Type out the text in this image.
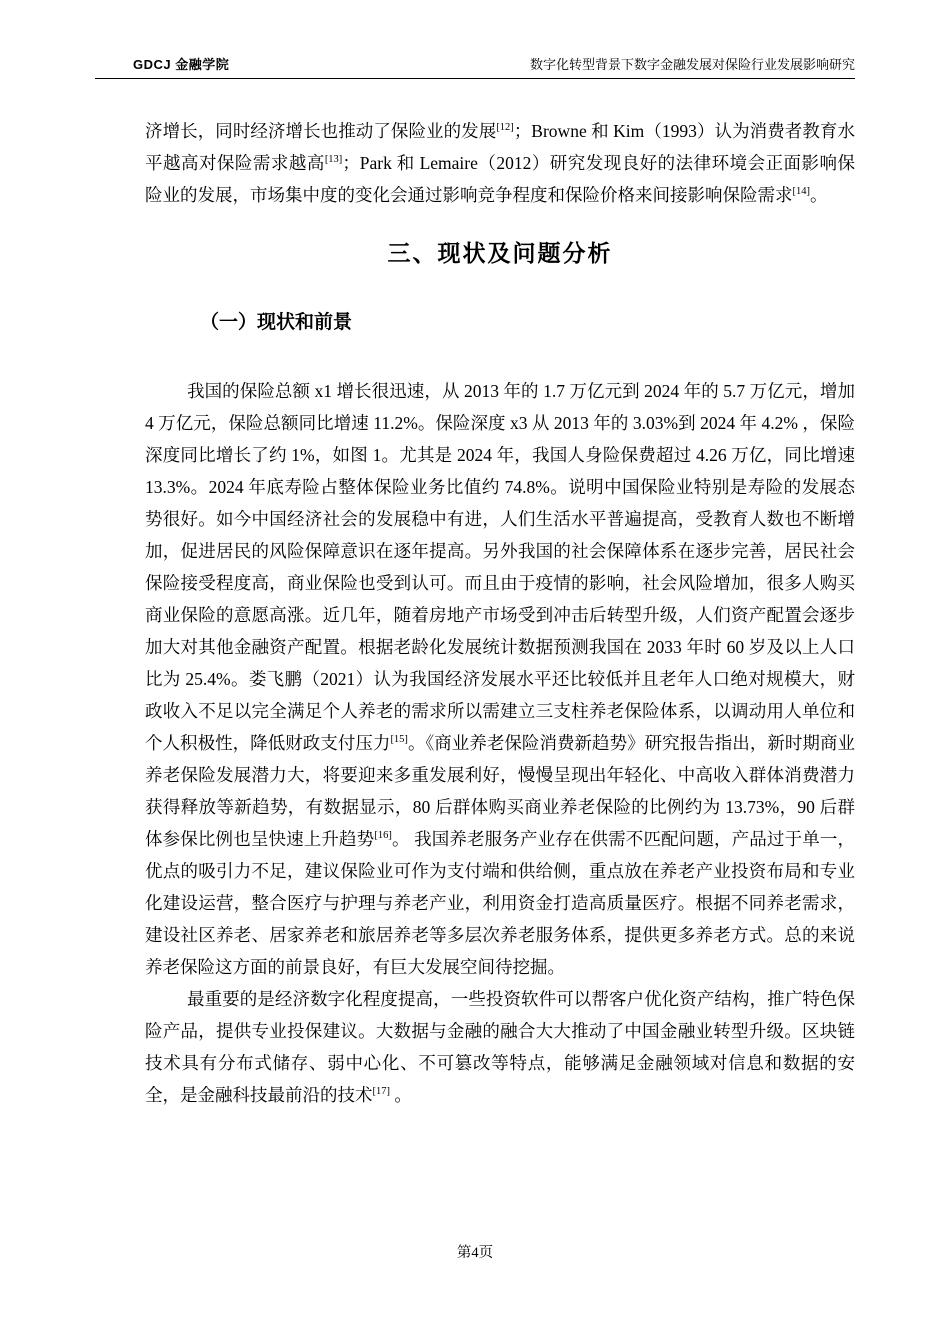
GDCJ 金融学院	数字化转型背景下数字金融发展对保险行业发展影响研究

济增长，同时经济增长也推动了保险业的发展[12]；Browne 和 Kim（1993）认为消费者教育水平越高对保险需求越高[13]；Park 和 Lemaire（2012）研究发现良好的法律环境会正面影响保险业的发展，市场集中度的变化会通过影响竞争程度和保险价格来间接影响保险需求[14]。

三、现状及问题分析
（一）现状和前景

我国的保险总额 x1 增长很迅速，从 2013 年的 1.7 万亿元到 2024 年的 5.7 万亿元，增加 4 万亿元，保险总额同比增速 11.2%。保险深度 x3 从 2013 年的 3.03%到 2024 年 4.2% ，保险深度同比增长了约 1%，如图 1。尤其是 2024 年，我国人身险保费超过 4.26 万亿，同比增速 13.3%。2024 年底寿险占整体保险业务比值约 74.8%。说明中国保险业特别是寿险的发展态势很好。如今中国经济社会的发展稳中有进，人们生活水平普遍提高，受教育人数也不断增加，促进居民的风险保障意识在逐年提高。另外我国的社会保障体系在逐步完善，居民社会保险接受程度高，商业保险也受到认可。而且由于疫情的影响，社会风险增加，很多人购买商业保险的意愿高涨。近几年，随着房地产市场受到冲击后转型升级，人们资产配置会逐步加大对其他金融资产配置。根据老龄化发展统计数据预测我国在 2033 年时 60 岁及以上人口比为 25.4%。娄飞鹏（2021）认为我国经济发展水平还比较低并且老年人口绝对规模大，财政收入不足以完全满足个人养老的需求所以需建立三支柱养老保险体系，以调动用人单位和个人积极性，降低财政支付压力[15]。《商业养老保险消费新趋势》研究报告指出，新时期商业养老保险发展潜力大，将要迎来多重发展利好，慢慢呈现出年轻化、中高收入群体消费潜力获得释放等新趋势，有数据显示，80 后群体购买商业养老保险的比例约为 13.73%，90 后群体参保比例也呈快速上升趋势[16]。 我国养老服务产业存在供需不匹配问题，产品过于单一，优点的吸引力不足，建议保险业可作为支付端和供给侧，重点放在养老产业投资布局和专业化建设运营，整合医疗与护理与养老产业，利用资金打造高质量医疗。根据不同养老需求，建设社区养老、居家养老和旅居养老等多层次养老服务体系，提供更多养老方式。总的来说养老保险这方面的前景良好，有巨大发展空间待挖掘。

最重要的是经济数字化程度提高，一些投资软件可以帮客户优化资产结构，推广特色保险产品，提供专业投保建议。大数据与金融的融合大大推动了中国金融业转型升级。区块链技术具有分布式储存、弱中心化、不可篡改等特点，能够满足金融领域对信息和数据的安全，是金融科技最前沿的技术[17] 。

第4页
